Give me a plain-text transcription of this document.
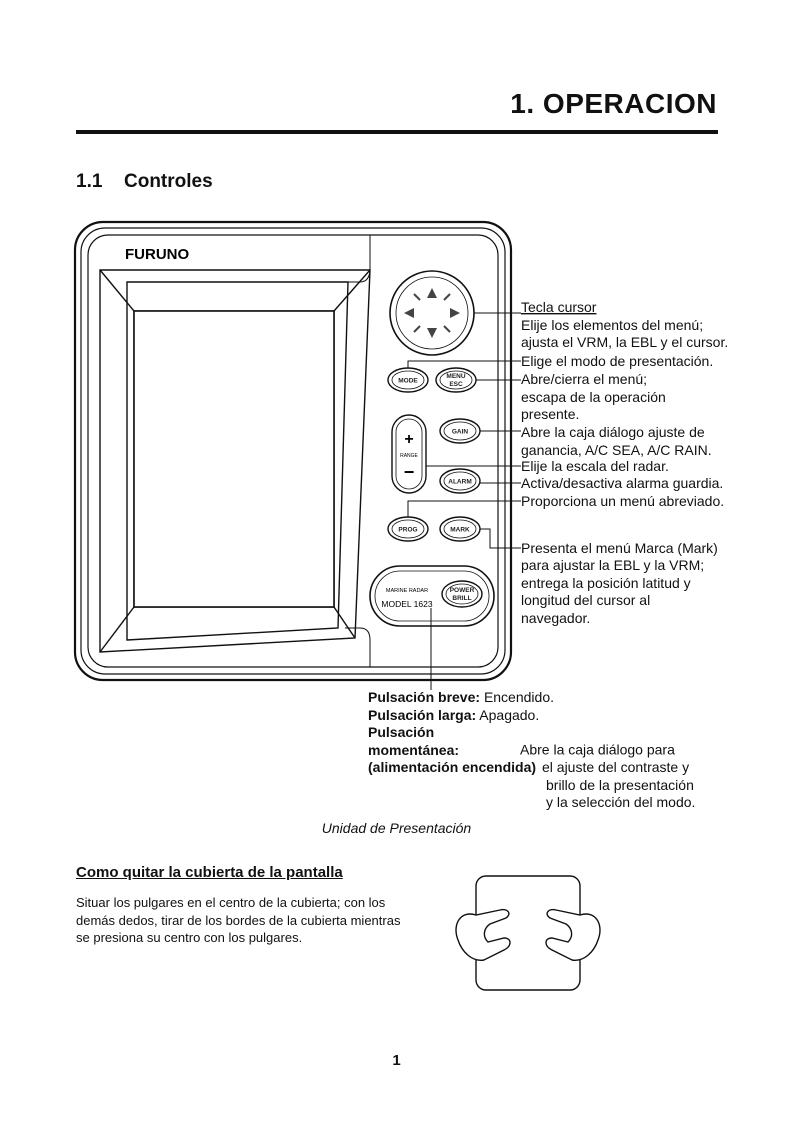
1. OPERACION
1.1 Controles
FURUNO
MODE
MENU
ESC
+
RANGE
−
GAIN
ALARM
PROG	MARK
MARINE RADAR
MODEL 1623
POWER
BRILL
Tecla cursor
Elije los elementos del menú;
ajusta el VRM, la EBL y el cursor.
Elige el modo de presentación.
Abre/cierra el menú;
escapa de la operación
presente.
Abre la caja diálogo ajuste de
ganancia, A/C SEA, A/C RAIN.
Elije la escala del radar.
Activa/desactiva alarma guardia.
Proporciona un menú abreviado.
Presenta el menú Marca (Mark)
para ajustar la EBL y la VRM;
entrega la posición latitud y
longitud del cursor al
navegador.
Pulsación breve: Encendido.
Pulsación larga: Apagado.
Pulsación momentánea:	Abre la caja diálogo para
(alimentación encendida) el ajuste del contraste y
brillo de la presentación
y la selección del modo.
Unidad de Presentación
Como quitar la cubierta de la pantalla

Situar los pulgares en el centro de la cubierta; con los demás dedos, tirar de los bordes de la cubierta mientras se presiona su centro con los pulgares.

1
